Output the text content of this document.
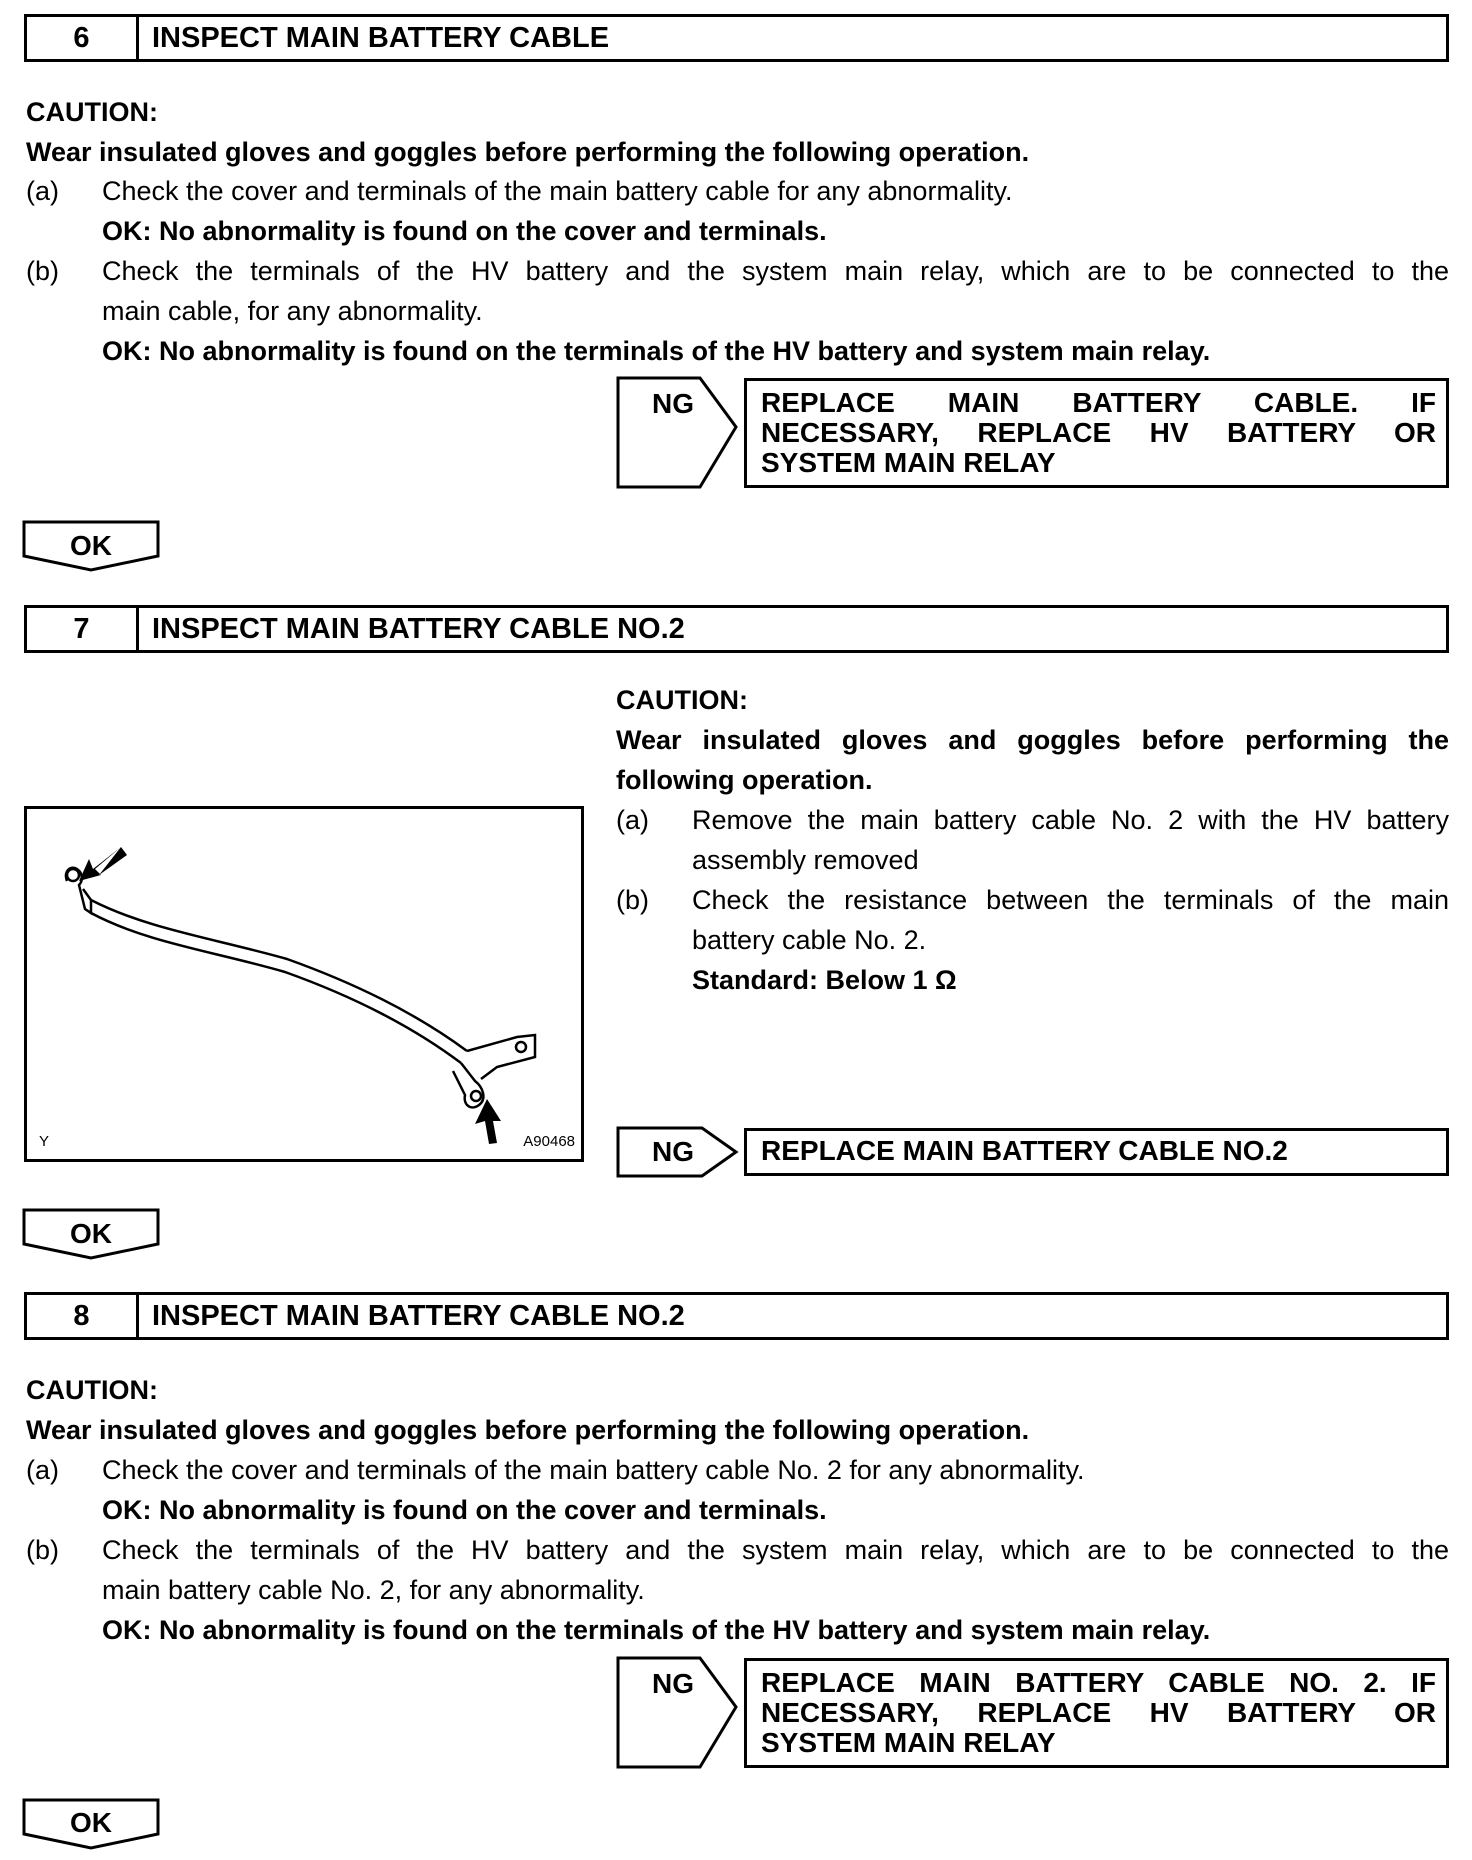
6	INSPECT MAIN BATTERY CABLE
CAUTION:
Wear insulated gloves and goggles before performing the following operation.
(a) Check the cover and terminals of the main battery cable for any abnormality.
OK: No abnormality is found on the cover and terminals.
(b) Check the terminals of the HV battery and the system main relay, which are to be connected to the
main cable, for any abnormality.
OK: No abnormality is found on the terminals of the HV battery and system main relay.
NG	REPLACE MAIN BATTERY CABLE. IF NECESSARY, REPLACE HV BATTERY OR SYSTEM MAIN RELAY
OK
7	INSPECT MAIN BATTERY CABLE NO.2
CAUTION:
Wear insulated gloves and goggles before performing the
following operation.
(a) Remove the main battery cable No. 2 with the HV battery
assembly removed
(b) Check the resistance between the terminals of the main
battery cable No. 2.
Standard: Below 1 Ω
Y	A90468	NG	REPLACE MAIN BATTERY CABLE NO.2
OK
8	INSPECT MAIN BATTERY CABLE NO.2
CAUTION:
Wear insulated gloves and goggles before performing the following operation.
(a) Check the cover and terminals of the main battery cable No. 2 for any abnormality.
OK: No abnormality is found on the cover and terminals.
(b) Check the terminals of the HV battery and the system main relay, which are to be connected to the
main battery cable No. 2, for any abnormality.
OK: No abnormality is found on the terminals of the HV battery and system main relay.
NG	REPLACE MAIN BATTERY CABLE NO. 2. IF NECESSARY, REPLACE HV BATTERY OR SYSTEM MAIN RELAY
OK
